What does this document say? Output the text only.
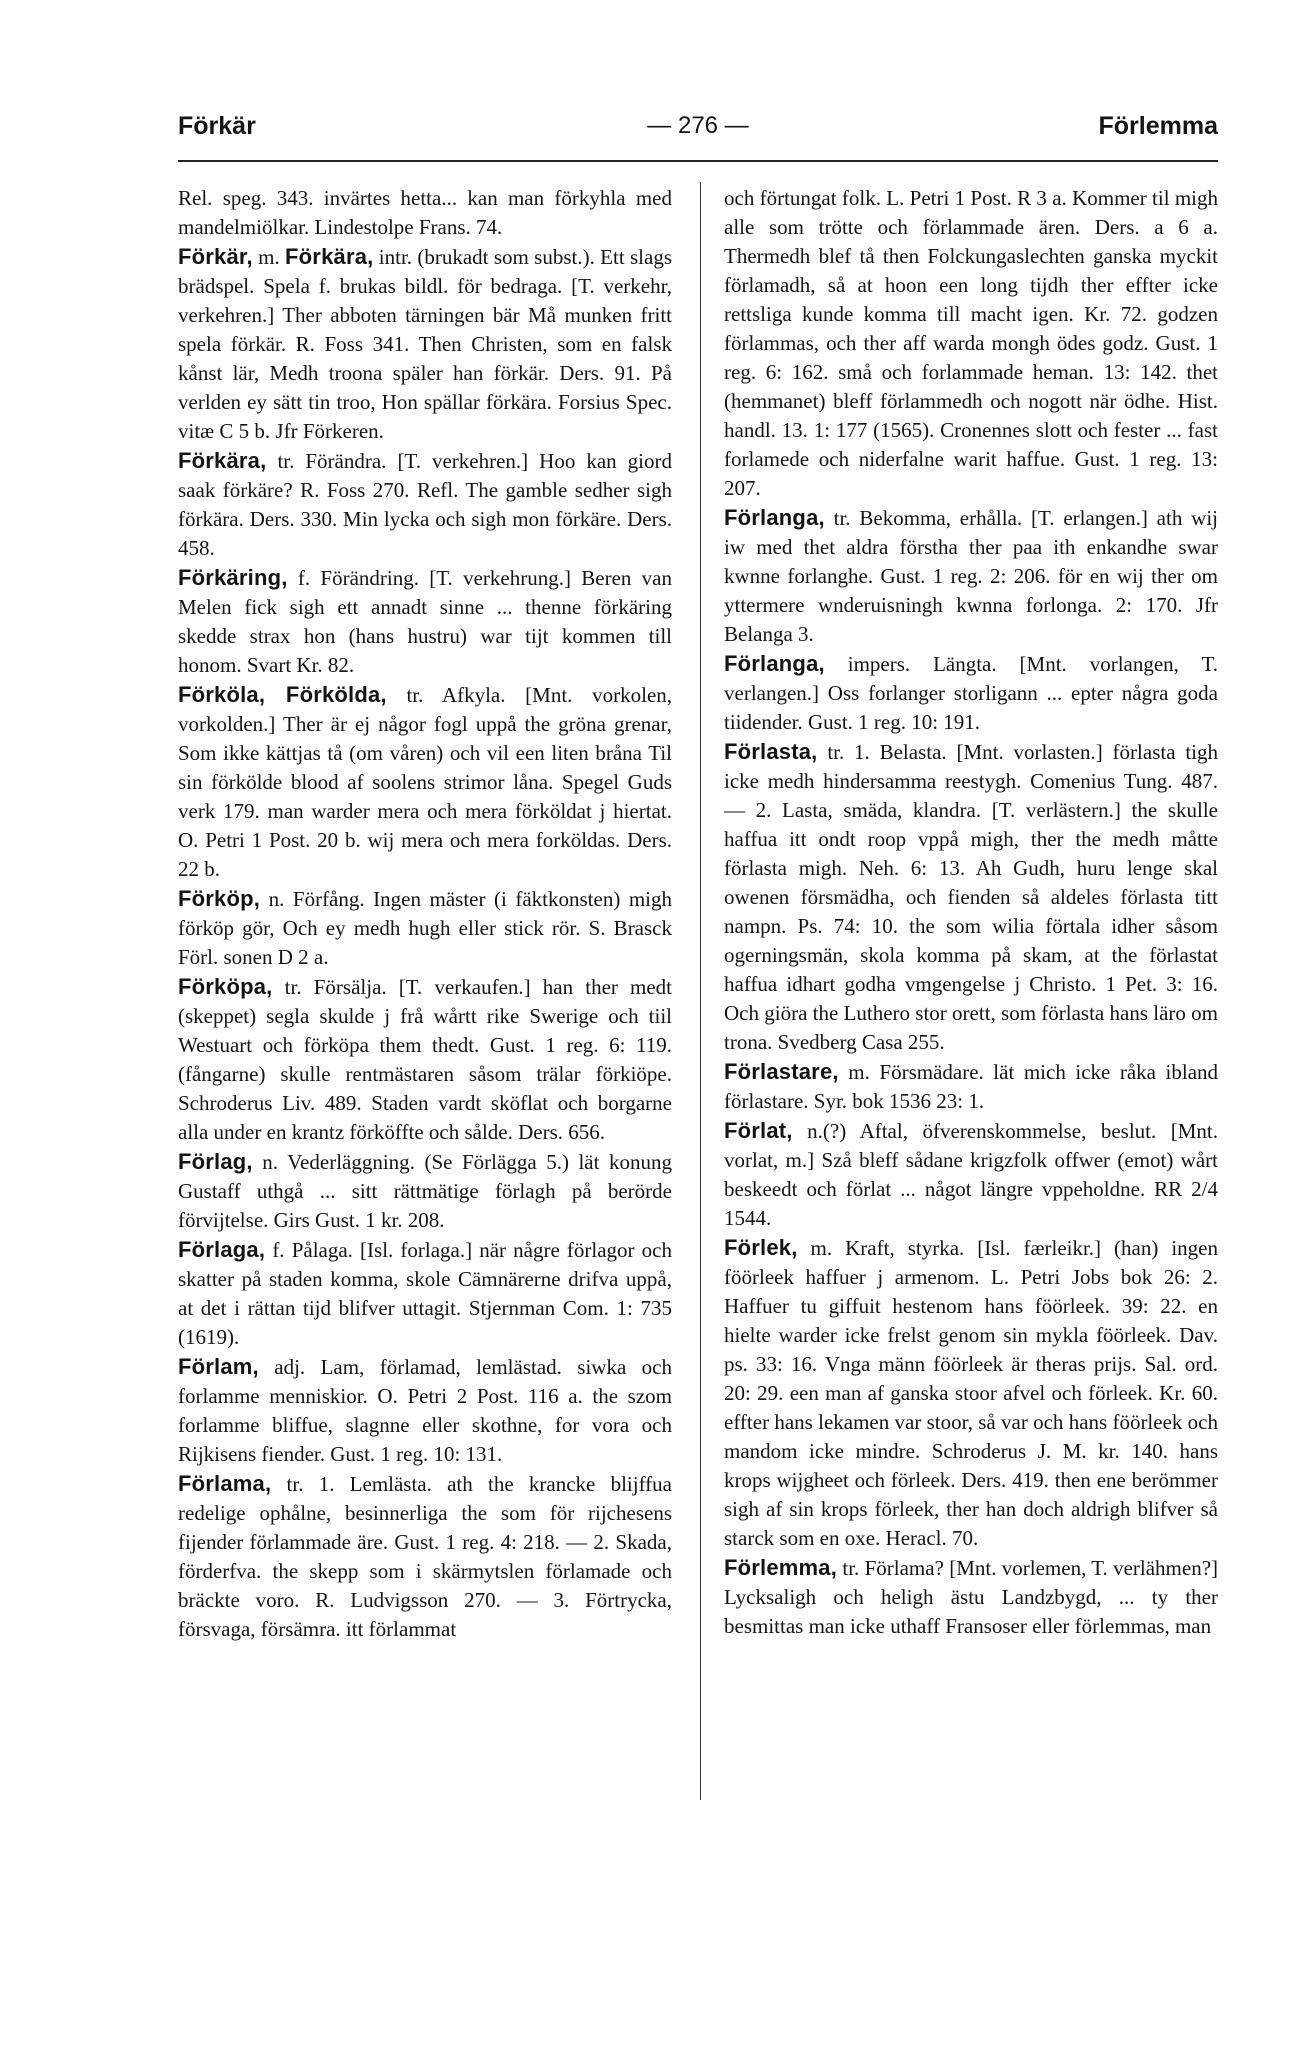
Förkär	— 276 —	Förlemma
Rel. speg. 343. invärtes hetta... kan man förkyhla med mandelmiölkar. Lindestolpe Frans. 74.
Förkär, m. Förkära, intr. (brukadt som subst.). Ett slags brädspel. Spela f. brukas bildl. för bedraga. [T. verkehr, verkehren.] Ther abboten tärningen bär Må munken fritt spela förkär. R. Foss 341. Then Christen, som en falsk kånst lär, Medh troona späler han förkär. Ders. 91. På verlden ey sätt tin troo, Hon spällar förkära. Forsius Spec. vitæ C 5 b. Jfr Förkeren.
Förkära, tr. Förändra. [T. verkehren.] Hoo kan giord saak förkäre? R. Foss 270. Refl. The gamble sedher sigh förkära. Ders. 330. Min lycka och sigh mon förkäre. Ders. 458.
Förkäring, f. Förändring. [T. verkehrung.] Beren van Melen fick sigh ett annadt sinne ... thenne förkäring skedde strax hon (hans hustru) war tijt kommen till honom. Svart Kr. 82.
Förköla, Förkölda, tr. Afkyla. [Mnt. vorkolen, vorkolden.] Ther är ej någor fogl uppå the gröna grenar, Som ikke kättjas tå (om våren) och vil een liten bråna Til sin förkölde blood af soolens strimor låna. Spegel Guds verk 179. man warder mera och mera förköldat j hiertat. O. Petri 1 Post. 20 b. wij mera och mera forköldas. Ders. 22 b.
Förköp, n. Förfång. Ingen mäster (i fäktkonsten) migh förköp gör, Och ey medh hugh eller stick rör. S. Brasck Förl. sonen D 2 a.
Förköpa, tr. Försälja. [T. verkaufen.] han ther medt (skeppet) segla skulde j frå wårtt rike Swerige och tiil Westuart och förköpa them thedt. Gust. 1 reg. 6: 119. (fångarne) skulle rentmästaren såsom trälar förkiöpe. Schroderus Liv. 489. Staden vardt sköflat och borgarne alla under en krantz förköffte och sålde. Ders. 656.
Förlag, n. Vederläggning. (Se Förlägga 5.) lät konung Gustaff uthgå ... sitt rättmätige förlagh på berörde förvijtelse. Girs Gust. 1 kr. 208.
Förlaga, f. Pålaga. [Isl. forlaga.] när någre förlagor och skatter på staden komma, skole Cämnärerne drifva uppå, at det i rättan tijd blifver uttagit. Stjernman Com. 1: 735 (1619).
Förlam, adj. Lam, förlamad, lemlästad. siwka och forlamme menniskior. O. Petri 2 Post. 116 a. the szom forlamme bliffue, slagnne eller skothne, for vora och Rijkisens fiender. Gust. 1 reg. 10: 131.
Förlama, tr. 1. Lemlästa. ath the krancke blijffua redelige ophålne, besinnerliga the som för rijchesens fijender förlammade äre. Gust. 1 reg. 4: 218. — 2. Skada, förderfva. the skepp som i skärmytslen förlamade och bräckte voro. R. Ludvigsson 270. — 3. Förtrycka, försvaga, försämra. itt förlammat
och förtungat folk. L. Petri 1 Post. R 3 a. Kommer til migh alle som trötte och förlammade ären. Ders. a 6 a. Thermedh blef tå then Folckungaslechten ganska myckit förlamadh, så at hoon een long tijdh ther effter icke rettsliga kunde komma till macht igen. Kr. 72. godzen förlammas, och ther aff warda mongh ödes godz. Gust. 1 reg. 6: 162. små och forlammade heman. 13: 142. thet (hemmanet) bleff förlammedh och nogott när ödhe. Hist. handl. 13. 1: 177 (1565). Cronennes slott och fester ... fast forlamede och niderfalne warit haffue. Gust. 1 reg. 13: 207.
Förlanga, tr. Bekomma, erhålla. [T. erlangen.] ath wij iw med thet aldra förstha ther paa ith enkandhe swar kwnne forlanghe. Gust. 1 reg. 2: 206. för en wij ther om yttermere wnderuisningh kwnna forlonga. 2: 170. Jfr Belanga 3.
Förlanga, impers. Längta. [Mnt. vorlangen, T. verlangen.] Oss forlanger storligann ... epter några goda tiidender. Gust. 1 reg. 10: 191.
Förlasta, tr. 1. Belasta. [Mnt. vorlasten.] förlasta tigh icke medh hindersamma reestygh. Comenius Tung. 487. — 2. Lasta, smäda, klandra. [T. verlästern.] the skulle haffua itt ondt roop vppå migh, ther the medh måtte förlasta migh. Neh. 6: 13. Ah Gudh, huru lenge skal owenen försmädha, och fienden så aldeles förlasta titt nampn. Ps. 74: 10. the som wilia förtala idher såsom ogerningsmän, skola komma på skam, at the förlastat haffua idhart godha vmgengelse j Christo. 1 Pet. 3: 16. Och giöra the Luthero stor orett, som förlasta hans läro om trona. Svedberg Casa 255.
Förlastare, m. Försmädare. lät mich icke råka ibland förlastare. Syr. bok 1536 23: 1.
Förlat, n.(?) Aftal, öfverenskommelse, beslut. [Mnt. vorlat, m.] Szå bleff sådane krigzfolk offwer (emot) wårt beskeedt och förlat ... något längre vppeholdne. RR 2/4 1544.
Förlek, m. Kraft, styrka. [Isl. færleikr.] (han) ingen föörleek haffuer j armenom. L. Petri Jobs bok 26: 2. Haffuer tu giffuit hestenom hans föörleek. 39: 22. en hielte warder icke frelst genom sin mykla föörleek. Dav. ps. 33: 16. Vnga männ föörleek är theras prijs. Sal. ord. 20: 29. een man af ganska stoor afvel och förleek. Kr. 60. effter hans lekamen var stoor, så var och hans föörleek och mandom icke mindre. Schroderus J. M. kr. 140. hans krops wijgheet och förleek. Ders. 419. then ene berömmer sigh af sin krops förleek, ther han doch aldrigh blifver så starck som en oxe. Heracl. 70.
Förlemma, tr. Förlama? [Mnt. vorlemen, T. verlähmen?] Lycksaligh och heligh ästu Landzbygd, ... ty ther besmittas man icke uthaff Fransoser eller förlemmas, man
